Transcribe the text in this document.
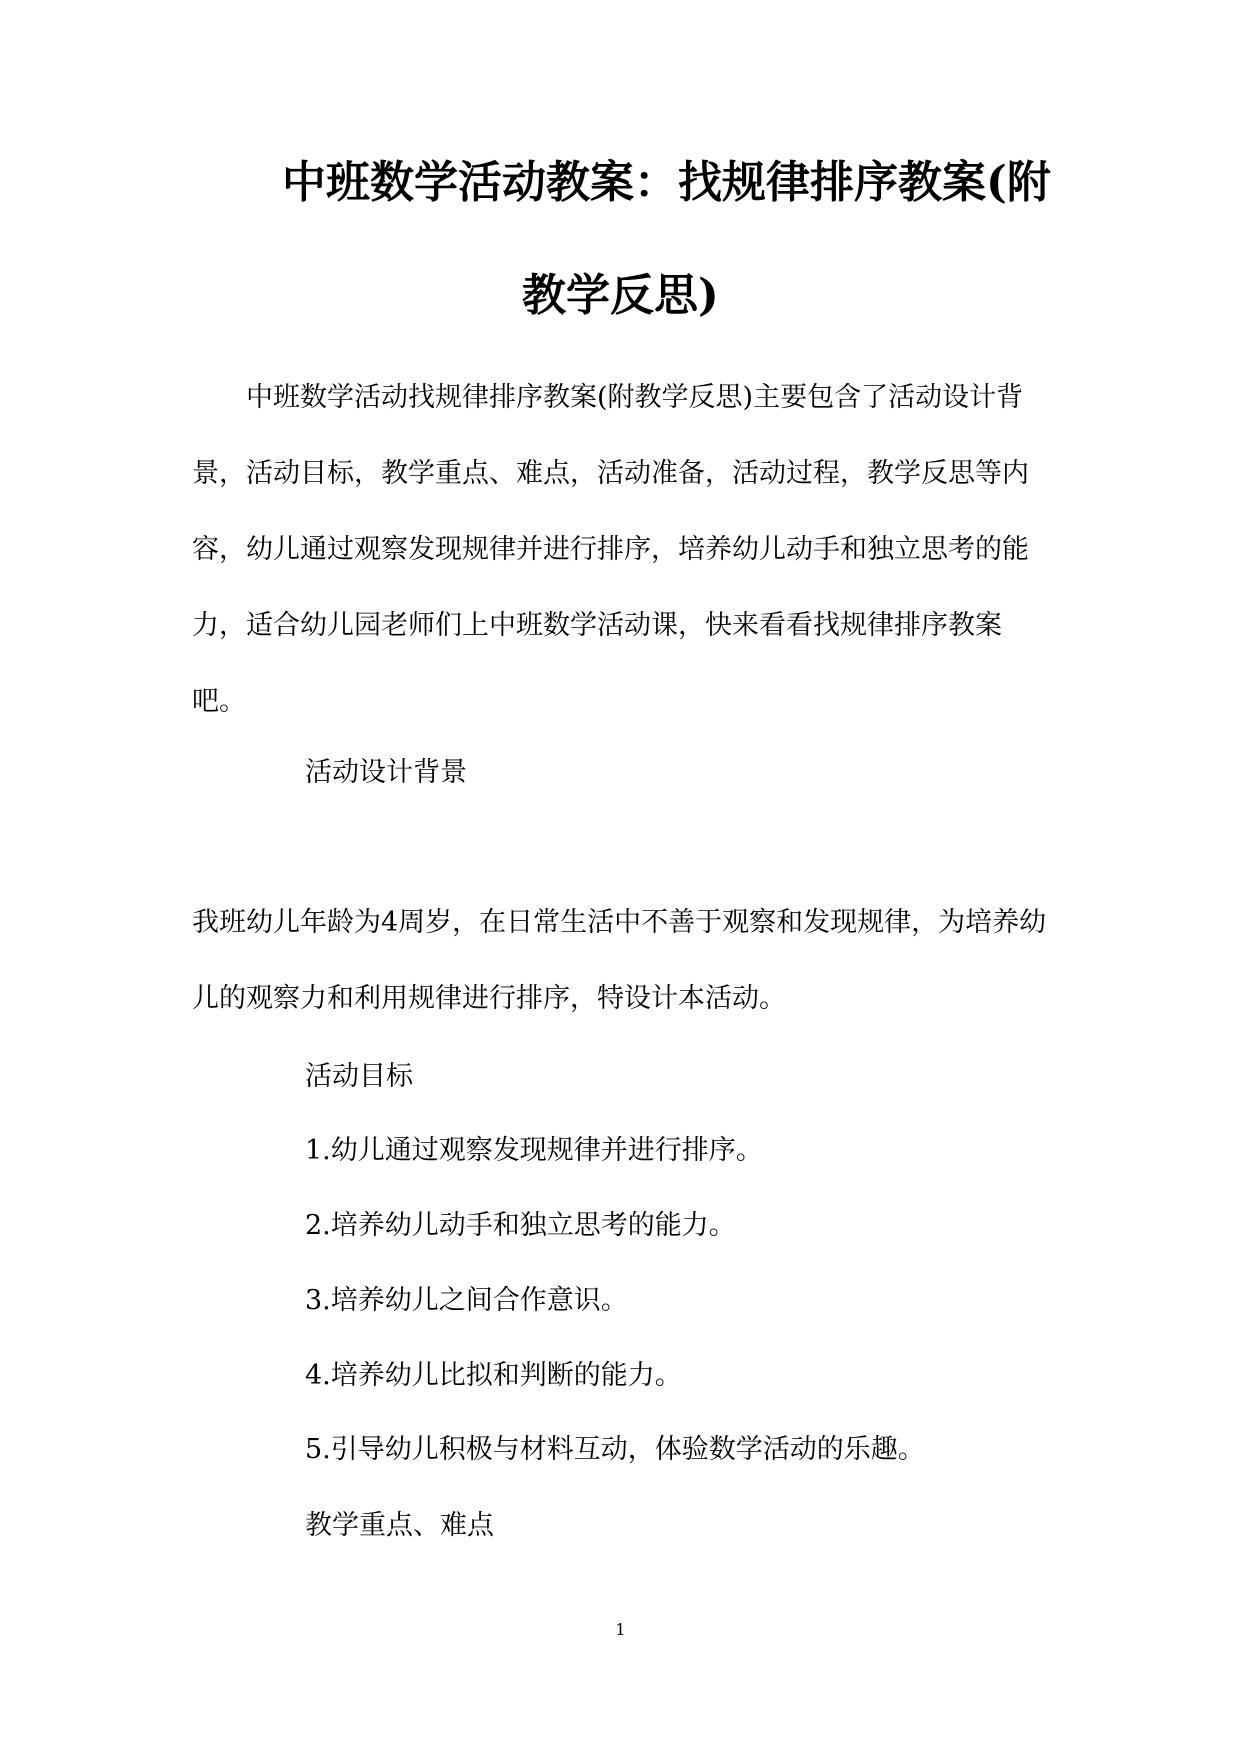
中班数学活动教案：找规律排序教案(附
教学反思)
中班数学活动找规律排序教案(附教学反思)主要包含了活动设计背景，活动目标，教学重点、难点，活动准备，活动过程，教学反思等内容，幼儿通过观察发现规律并进行排序，培养幼儿动手和独立思考的能力，适合幼儿园老师们上中班数学活动课，快来看看找规律排序教案吧。
活动设计背景
我班幼儿年龄为4周岁，在日常生活中不善于观察和发现规律，为培养幼儿的观察力和利用规律进行排序，特设计本活动。
活动目标
1.幼儿通过观察发现规律并进行排序。
2.培养幼儿动手和独立思考的能力。
3.培养幼儿之间合作意识。
4.培养幼儿比拟和判断的能力。
5.引导幼儿积极与材料互动，体验数学活动的乐趣。
教学重点、难点
1
